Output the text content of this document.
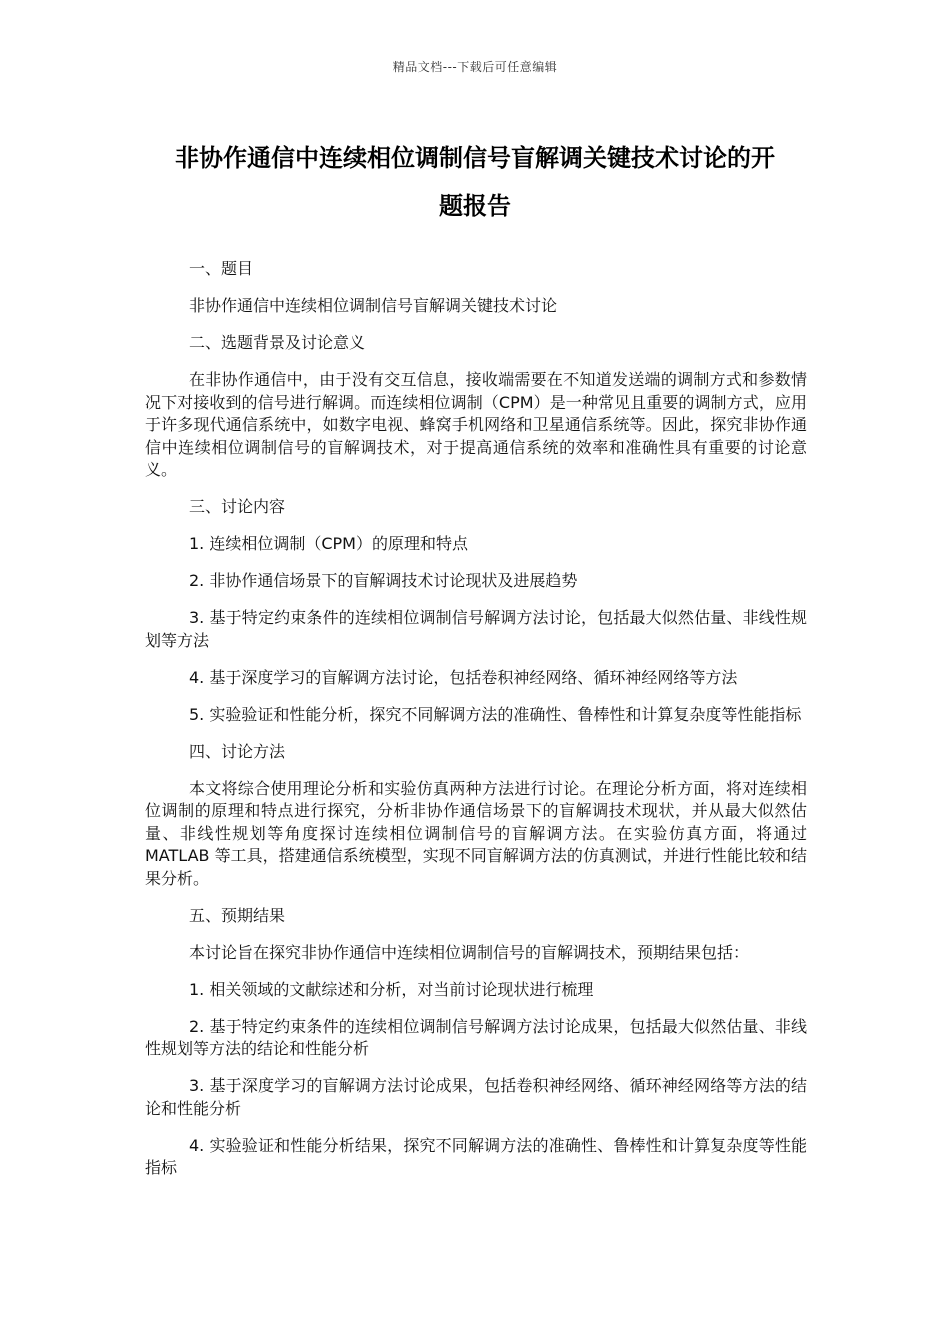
精品文档---下载后可任意编辑
非协作通信中连续相位调制信号盲解调关键技术讨论的开
题报告

一、题目

非协作通信中连续相位调制信号盲解调关键技术讨论

二、选题背景及讨论意义

在非协作通信中，由于没有交互信息，接收端需要在不知道发送端的调制方式和参数情况下对接收到的信号进行解调。而连续相位调制（CPM）是一种常见且重要的调制方式，应用于许多现代通信系统中，如数字电视、蜂窝手机网络和卫星通信系统等。因此，探究非协作通信中连续相位调制信号的盲解调技术，对于提高通信系统的效率和准确性具有重要的讨论意义。

三、讨论内容

1. 连续相位调制（CPM）的原理和特点

2. 非协作通信场景下的盲解调技术讨论现状及进展趋势

3. 基于特定约束条件的连续相位调制信号解调方法讨论，包括最大似然估量、非线性规划等方法

4. 基于深度学习的盲解调方法讨论，包括卷积神经网络、循环神经网络等方法

5. 实验验证和性能分析，探究不同解调方法的准确性、鲁棒性和计算复杂度等性能指标

四、讨论方法

本文将综合使用理论分析和实验仿真两种方法进行讨论。在理论分析方面，将对连续相位调制的原理和特点进行探究，分析非协作通信场景下的盲解调技术现状，并从最大似然估量、非线性规划等角度探讨连续相位调制信号的盲解调方法。在实验仿真方面，将通过 MATLAB 等工具，搭建通信系统模型，实现不同盲解调方法的仿真测试，并进行性能比较和结果分析。

五、预期结果

本讨论旨在探究非协作通信中连续相位调制信号的盲解调技术，预期结果包括：

1. 相关领域的文献综述和分析，对当前讨论现状进行梳理

2. 基于特定约束条件的连续相位调制信号解调方法讨论成果，包括最大似然估量、非线性规划等方法的结论和性能分析

3. 基于深度学习的盲解调方法讨论成果，包括卷积神经网络、循环神经网络等方法的结论和性能分析

4. 实验验证和性能分析结果，探究不同解调方法的准确性、鲁棒性和计算复杂度等性能指标
